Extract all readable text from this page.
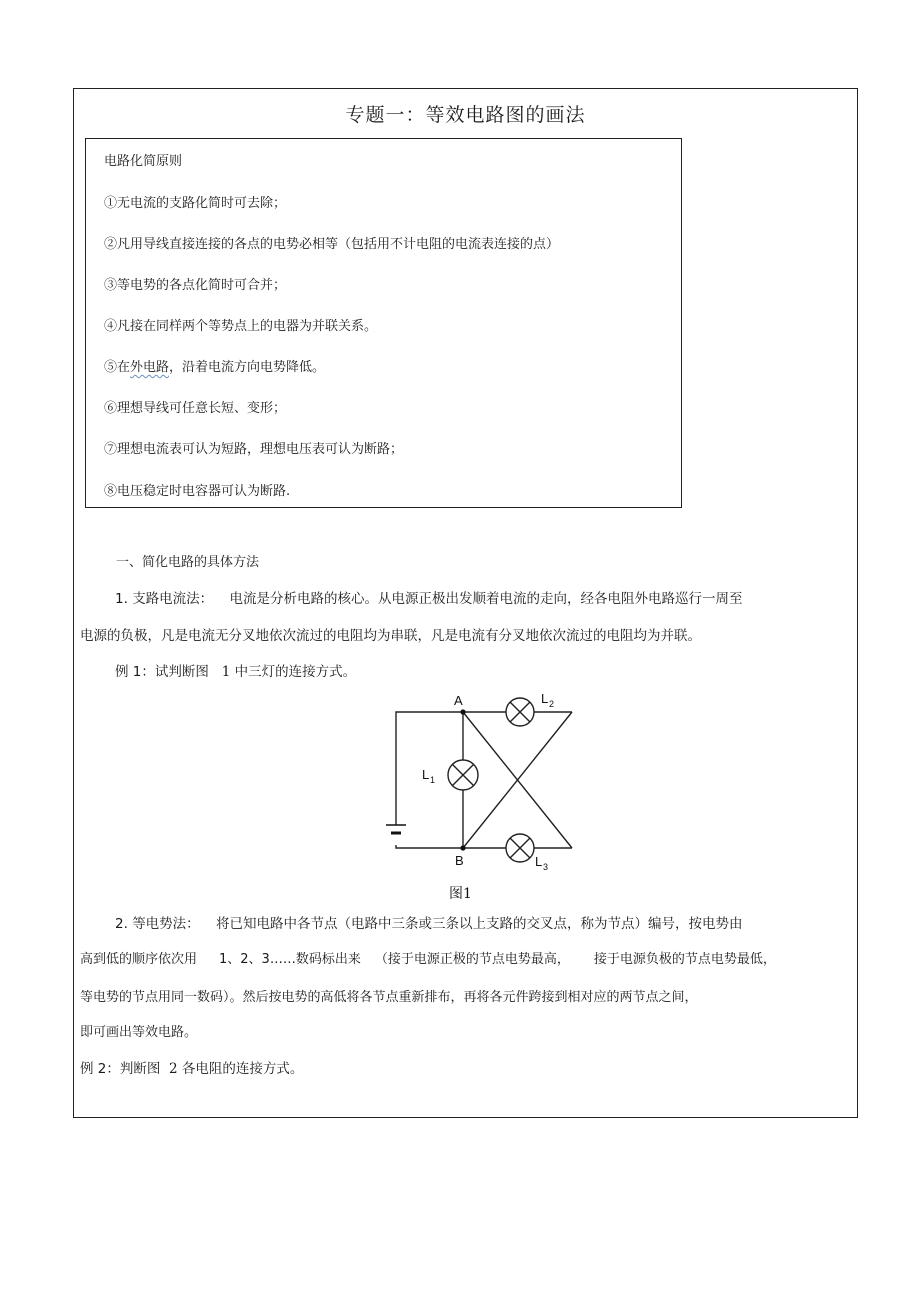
专题一：等效电路图的画法
电路化简原则
①无电流的支路化简时可去除；
②凡用导线直接连接的各点的电势必相等（包括用不计电阻的电流表连接的点）
③等电势的各点化简时可合并；
④凡接在同样两个等势点上的电器为并联关系。
⑤在外电路，沿着电流方向电势降低。
⑥理想导线可任意长短、变形；
⑦理想电流表可认为短路，理想电压表可认为断路；
⑧电压稳定时电容器可认为断路.
一、简化电路的具体方法
1. 支路电流法： 电流是分析电路的核心。从电源正极出发顺着电流的走向，经各电阻外电路巡行一周至
电源的负极，凡是电流无分叉地依次流过的电阻均为串联，凡是电流有分叉地依次流过的电阻均为并联。
例 1：试判断图   1 中三灯的连接方式。
A
B
L 2
L 1
L 3
图1
2. 等电势法： 将已知电路中各节点（电路中三条或三条以上支路的交叉点，称为节点）编号，按电势由
高到低的顺序依次用 1、2、3……数码标出来 （接于电源正极的节点电势最高， 接于电源负极的节点电势最低，
等电势的节点用同一数码）。然后按电势的高低将各节点重新排布，再将各元件跨接到相对应的两节点之间，
即可画出等效电路。
例 2：判断图  2 各电阻的连接方式。
